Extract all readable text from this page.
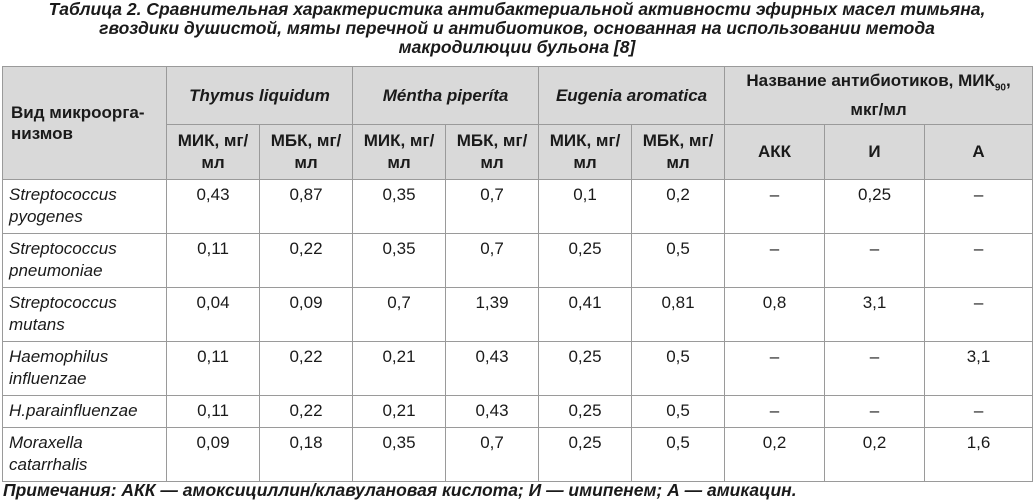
Таблица 2. Сравнительная характеристика антибактериальной активности эфирных масел тимьяна,
гвоздики душистой, мяты перечной и антибиотиков, основанная на использовании метода
макродилюции бульона [8]
Вид микроорганизмов	Thymus liquidum		Méntha piperíta		Eugenia aromatica		Название антибиотиков, $МИК_{90}$,
мкг/мл		
	МИК, мг/мл	МБК, мг/мл	МИК, мг/мл	МБК, мг/мл	МИК, мг/мл	МБК, мг/мл	АКК	И	А
Streptococcus pyogenes	0,43	0,87	0,35	0,7	0,1	0,2	–	0,25	–
Streptococcus pneumoniae	0,11	0,22	0,35	0,7	0,25	0,5	–	–	–
Streptococcus mutans	0,04	0,09	0,7	1,39	0,41	0,81	0,8	3,1	–
Haemophilus influenzae	0,11	0,22	0,21	0,43	0,25	0,5	–	–	3,1
H.parainfluenzae	0,11	0,22	0,21	0,43	0,25	0,5	–	–	–
Moraxella catarrhalis	0,09	0,18	0,35	0,7	0,25	0,5	0,2	0,2	1,6
Примечания: АКК — амоксициллин/клавулановая кислота; И — имипенем; А — амикацин.
